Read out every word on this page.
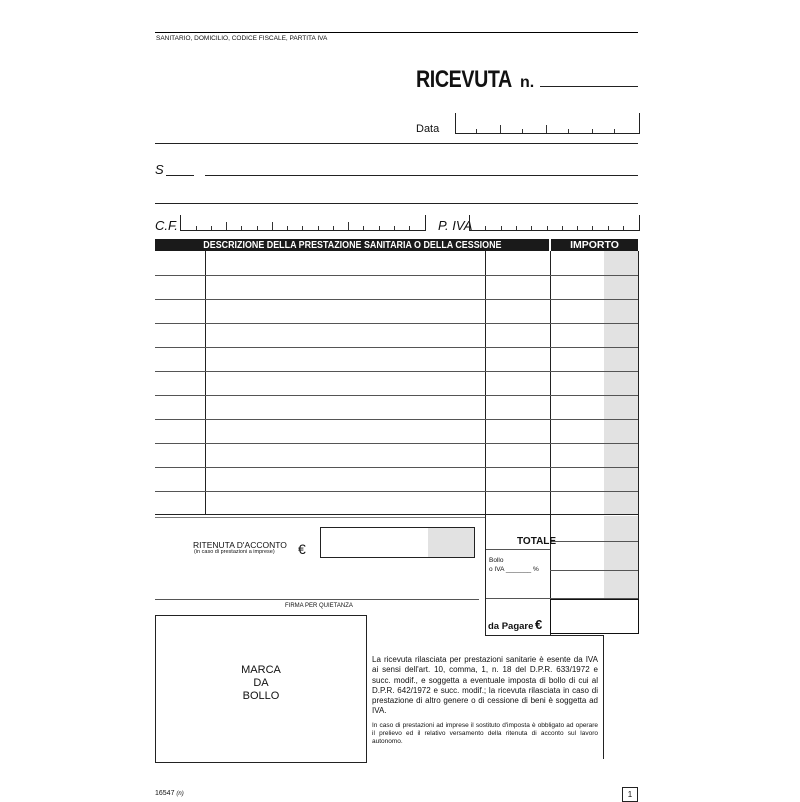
SANITARIO, DOMICILIO, CODICE FISCALE, PARTITA IVA
RICEVUTA n.
Data
S
C.F.	P. IVA
DESCRIZIONE DELLA PRESTAZIONE SANITARIA O DELLA CESSIONE	IMPORTO
RITENUTA D'ACCONTO
(in caso di prestazioni a imprese) €	TOTALE
Bollo
o IVA _______ %
da Pagare €
FIRMA PER QUIETANZA
MARCA
DA
BOLLO
La ricevuta rilasciata per prestazioni sanitarie è esente da IVA ai sensi dell'art. 10, comma, 1, n. 18 del D.P.R. 633/1972 e succ. modif., e soggetta a eventuale imposta di bollo di cui al D.P.R. 642/1972 e succ. modif.; la ricevuta rilasciata in caso di prestazione di altro genere o di cessione di beni è soggetta ad IVA.
In caso di prestazioni ad imprese il sostituto d'imposta è obbligato ad operare il prelievo ed il relativo versamento della ritenuta di acconto sul lavoro autonomo.
16547 (n)	1
